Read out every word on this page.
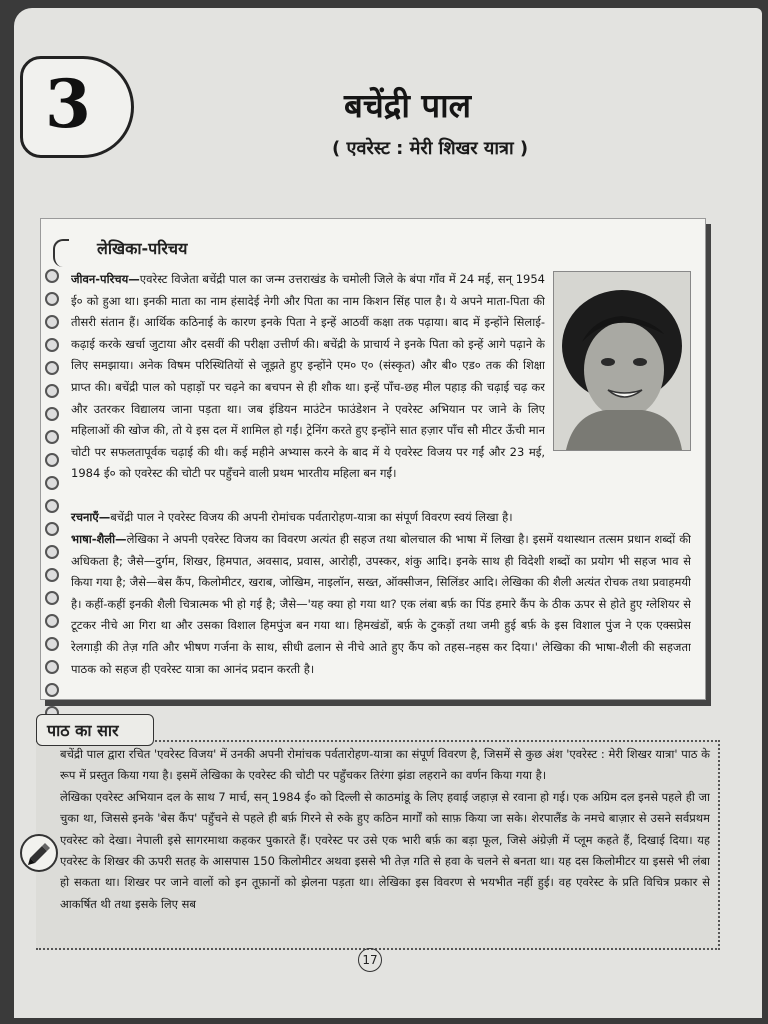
3	बचेंद्री पाल
( एवरेस्ट : मेरी शिखर यात्रा )
लेखिका-परिचय

जीवन-परिचय—एवरेस्ट विजेता बचेंद्री पाल का जन्म उत्तराखंड के चमोली जिले के बंपा गाँव में 24 मई, सन् 1954 ई० को हुआ था। इनकी माता का नाम हंसादेई नेगी और पिता का नाम किशन सिंह पाल है। ये अपने माता-पिता की तीसरी संतान हैं। आर्थिक कठिनाई के कारण इनके पिता ने इन्हें आठवीं कक्षा तक पढ़ाया। बाद में इन्होंने सिलाई-कढ़ाई करके खर्चा जुटाया और दसवीं की परीक्षा उत्तीर्ण की। बचेंद्री के प्राचार्य ने इनके पिता को इन्हें आगे पढ़ाने के

लिए समझाया। अनेक विषम परिस्थितियों से जूझते हुए इन्होंने एम० ए० (संस्कृत) और बी० एड० तक की शिक्षा प्राप्त की। बचेंद्री पाल को पहाड़ों पर चढ़ने का बचपन से ही शौक था। इन्हें पाँच-छह मील पहाड़ की चढ़ाई चढ़ कर और उतरकर विद्यालय जाना पड़ता था। जब इंडियन माउंटेन फाउंडेशन ने एवरेस्ट अभियान पर जाने के लिए महिलाओं की खोज की, तो ये इस दल में शामिल हो गईं। ट्रेनिंग करते हुए इन्होंने सात हज़ार पाँच सौ मीटर ऊँची मान चोटी पर सफलतापूर्वक चढ़ाई की थी। कई महीने अभ्यास करने के बाद में ये एवरेस्ट विजय पर गईं और 23 मई, 1984 ई० को एवरेस्ट की चोटी पर पहुँचने वाली प्रथम भारतीय महिला बन गईं।

रचनाएँ—बचेंद्री पाल ने एवरेस्ट विजय की अपनी रोमांचक पर्वतारोहण-यात्रा का संपूर्ण विवरण स्वयं लिखा है।

भाषा-शैली—लेखिका ने अपनी एवरेस्ट विजय का विवरण अत्यंत ही सहज तथा बोलचाल की भाषा में लिखा है। इसमें यथास्थान तत्सम प्रधान शब्दों की अधिकता है; जैसे—दुर्गम, शिखर, हिमपात, अवसाद, प्रवास, आरोही, उपस्कर, शंकु आदि। इनके साथ ही विदेशी शब्दों का प्रयोग भी सहज भाव से किया गया है; जैसे—बेस कैंप, किलोमीटर, खराब, जोखिम, नाइलॉन, सख्त, ऑक्सीजन, सिलिंडर आदि। लेखिका की शैली अत्यंत रोचक तथा प्रवाहमयी है। कहीं-कहीं इनकी शैली चित्रात्मक भी हो गई है; जैसे—'यह क्या हो गया था? एक लंबा बर्फ़ का पिंड हमारे कैंप के ठीक ऊपर से होते हुए ग्लेशियर से टूटकर नीचे आ गिरा था और उसका विशाल हिमपुंज बन गया था। हिमखंडों, बर्फ़ के टुकड़ों तथा जमी हुई बर्फ़ के इस विशाल पुंज ने एक एक्सप्रेस रेलगाड़ी की तेज़ गति और भीषण गर्जना के साथ, सीधी ढलान से नीचे आते हुए कैंप को तहस-नहस कर दिया।' लेखिका की भाषा-शैली की सहजता पाठक को सहज ही एवरेस्ट यात्रा का आनंद प्रदान करती है।

पाठ का सार

बचेंद्री पाल द्वारा रचित 'एवरेस्ट विजय' में उनकी अपनी रोमांचक पर्वतारोहण-यात्रा का संपूर्ण विवरण है, जिसमें से कुछ अंश 'एवरेस्ट : मेरी शिखर यात्रा' पाठ के रूप में प्रस्तुत किया गया है। इसमें लेखिका के एवरेस्ट की चोटी पर पहुँचकर तिरंगा झंडा लहराने का वर्णन किया गया है।

लेखिका एवरेस्ट अभियान दल के साथ 7 मार्च, सन् 1984 ई० को दिल्ली से काठमांडू के लिए हवाई जहाज़ से रवाना हो गई। एक अग्रिम दल इनसे पहले ही जा चुका था, जिससे इनके 'बेस कैंप' पहुँचने से पहले ही बर्फ़ गिरने से रुके हुए कठिन मार्गों को साफ़ किया जा सके। शेरपालैंड के नमचे बाज़ार से उसने सर्वप्रथम एवरेस्ट को देखा। नेपाली इसे सागरमाथा कहकर पुकारते हैं। एवरेस्ट पर उसे एक भारी बर्फ़ का बड़ा फूल, जिसे अंग्रेज़ी में प्लूम कहते हैं, दिखाई दिया। यह एवरेस्ट के शिखर की ऊपरी सतह के आसपास 150 किलोमीटर अथवा इससे भी तेज़ गति से हवा के चलने से बनता था। यह दस किलोमीटर या इससे भी लंबा हो सकता था। शिखर पर जाने वालों को इन तूफ़ानों को झेलना पड़ता था। लेखिका इस विवरण से भयभीत नहीं हुई। वह एवरेस्ट के प्रति विचित्र प्रकार से आकर्षित थी तथा इसके लिए सब

17
